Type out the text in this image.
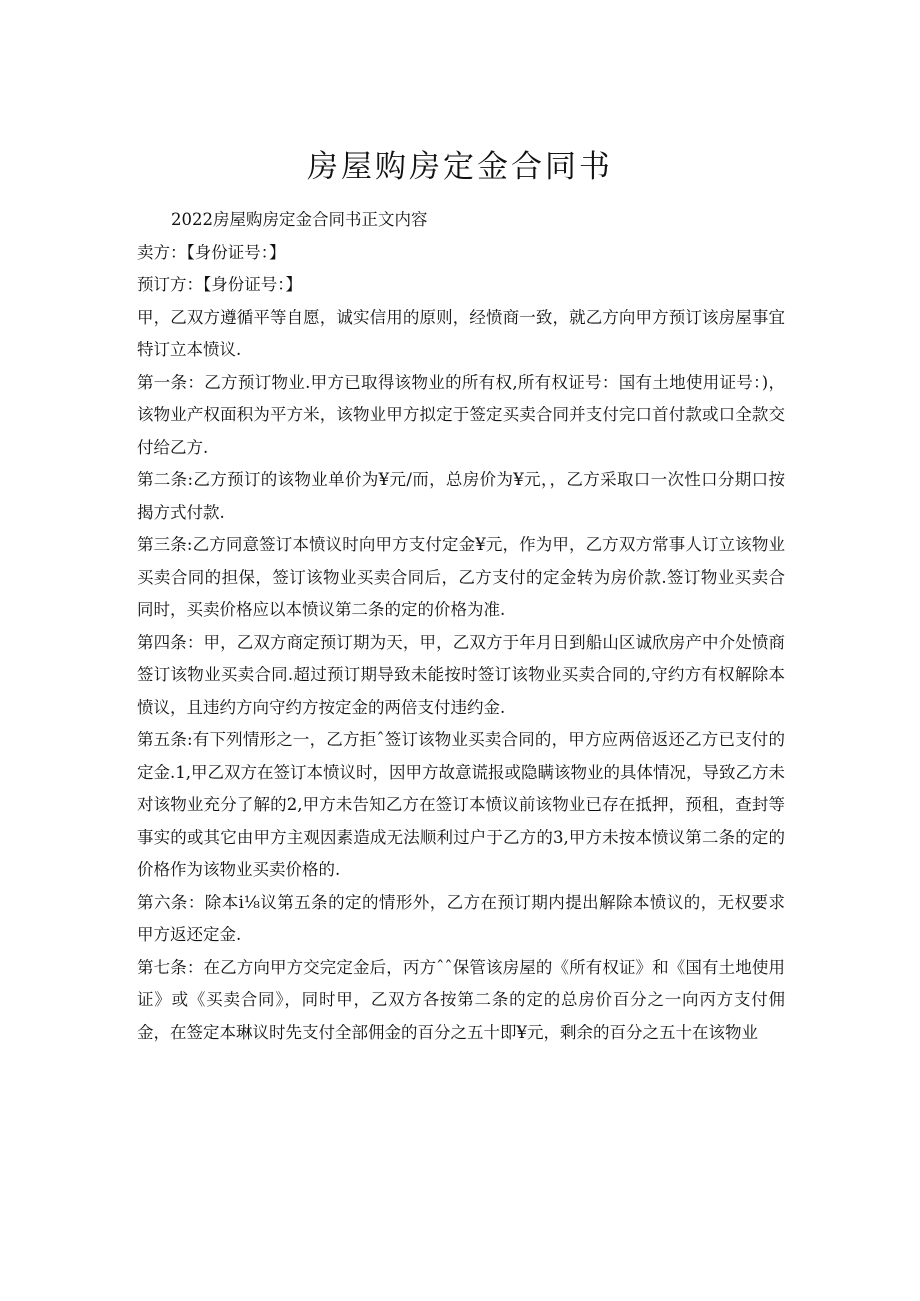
房屋购房定金合同书

2022房屋购房定金合同书正文内容

卖方：【身份证号：】

预订方：【身份证号：】

甲，乙双方遵循平等自愿，诚实信用的原则，经愤商一致，就乙方向甲方预订该房屋事宜特订立本愤议.

第一条：乙方预订物业.甲方已取得该物业的所有权,所有权证号：国有土地使用证号：)，该物业产权面积为平方米，该物业甲方拟定于签定买卖合同并支付完口首付款或口全款交付给乙方.

第二条:乙方预订的该物业单价为¥元/而，总房价为¥元，，乙方采取口一次性口分期口按揭方式付款.

第三条:乙方同意签订本愤议时向甲方支付定金¥元，作为甲，乙方双方常事人订立该物业买卖合同的担保，签订该物业买卖合同后，乙方支付的定金转为房价款.签订物业买卖合同时，买卖价格应以本愤议第二条的定的价格为准.

第四条：甲，乙双方商定预订期为天，甲，乙双方于年月日到船山区诚欣房产中介处愤商签订该物业买卖合同.超过预订期导致未能按时签订该物业买卖合同的,守约方有权解除本愤议，且违约方向守约方按定金的两倍支付违约金.

第五条:有下列情形之一，乙方拒ˆ签订该物业买卖合同的，甲方应两倍返还乙方已支付的定金.1,甲乙双方在签订本愤议时，因甲方故意谎报或隐瞒该物业的具体情况，导致乙方未对该物业充分了解的2,甲方未告知乙方在签订本愤议前该物业已存在抵押，预租，查封等事实的或其它由甲方主观因素造成无法顺利过户于乙方的3,甲方未按本愤议第二条的定的价格作为该物业买卖价格的.

第六条：除本i⅛议第五条的定的情形外，乙方在预订期内提出解除本愤议的，无权要求甲方返还定金.

第七条：在乙方向甲方交完定金后，丙方ˆˆ保管该房屋的《所有权证》和《国有土地使用证》或《买卖合同》，同时甲，乙双方各按第二条的定的总房价百分之一向丙方支付佣金，在签定本琳议时先支付全部佣金的百分之五十即¥元，剩余的百分之五十在该物业
